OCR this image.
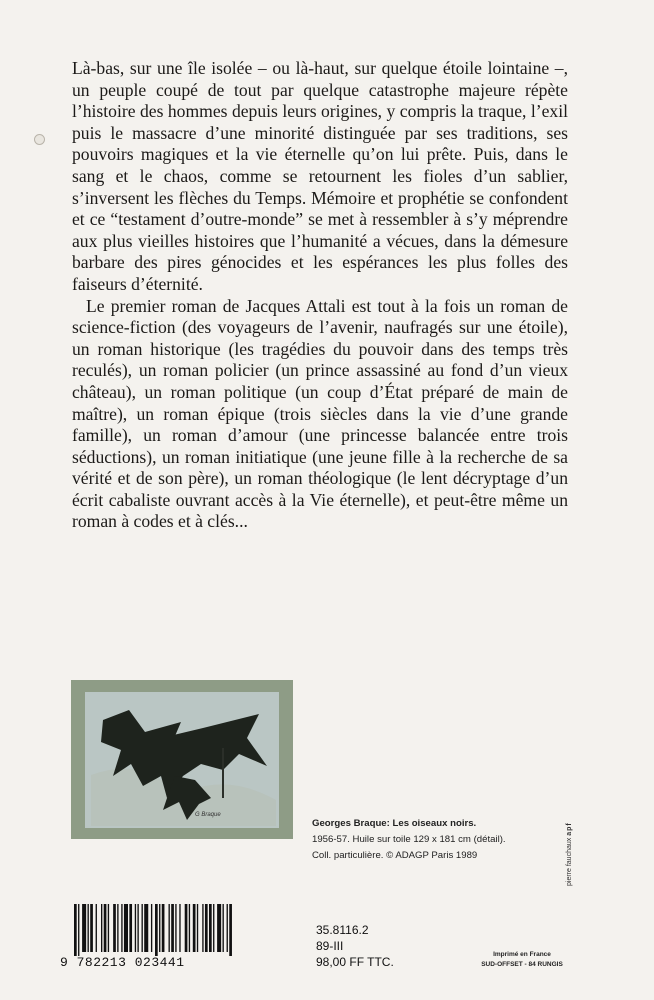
Là-bas, sur une île isolée – ou là-haut, sur quelque étoile lointaine –, un peuple coupé de tout par quelque catastrophe majeure répète l’histoire des hommes depuis leurs origines, y compris la traque, l’exil puis le massacre d’une minorité distinguée par ses traditions, ses pouvoirs magiques et la vie éternelle qu’on lui prête. Puis, dans le sang et le chaos, comme se retournent les fioles d’un sablier, s’inversent les flèches du Temps. Mémoire et prophétie se confondent et ce “testament d’outre-monde” se met à ressembler à s’y méprendre aux plus vieilles histoires que l’humanité a vécues, dans la démesure barbare des pires génocides et les espérances les plus folles des faiseurs d’éternité.

Le premier roman de Jacques Attali est tout à la fois un roman de science-fiction (des voyageurs de l’avenir, naufragés sur une étoile), un roman historique (les tragédies du pouvoir dans des temps très reculés), un roman policier (un prince assassiné au fond d’un vieux château), un roman politique (un coup d’État préparé de main de maître), un roman épique (trois siècles dans la vie d’une grande famille), un roman d’amour (une princesse balancée entre trois séductions), un roman initiatique (une jeune fille à la recherche de sa vérité et de son père), un roman théologique (le lent décryptage d’un écrit cabaliste ouvrant accès à la Vie éternelle), et peut-être même un roman à codes et à clés...

G Braque
Georges Braque: Les oiseaux noirs.
1956-57. Huile sur toile 129 x 181 cm (détail).
Coll. particulière. © ADAGP Paris 1989	pierre fauchaux apf
9 782213 023441
35.8116.2
89-III
98,00 FF TTC.
Imprimé en France
SUD-OFFSET - 84 RUNGIS
